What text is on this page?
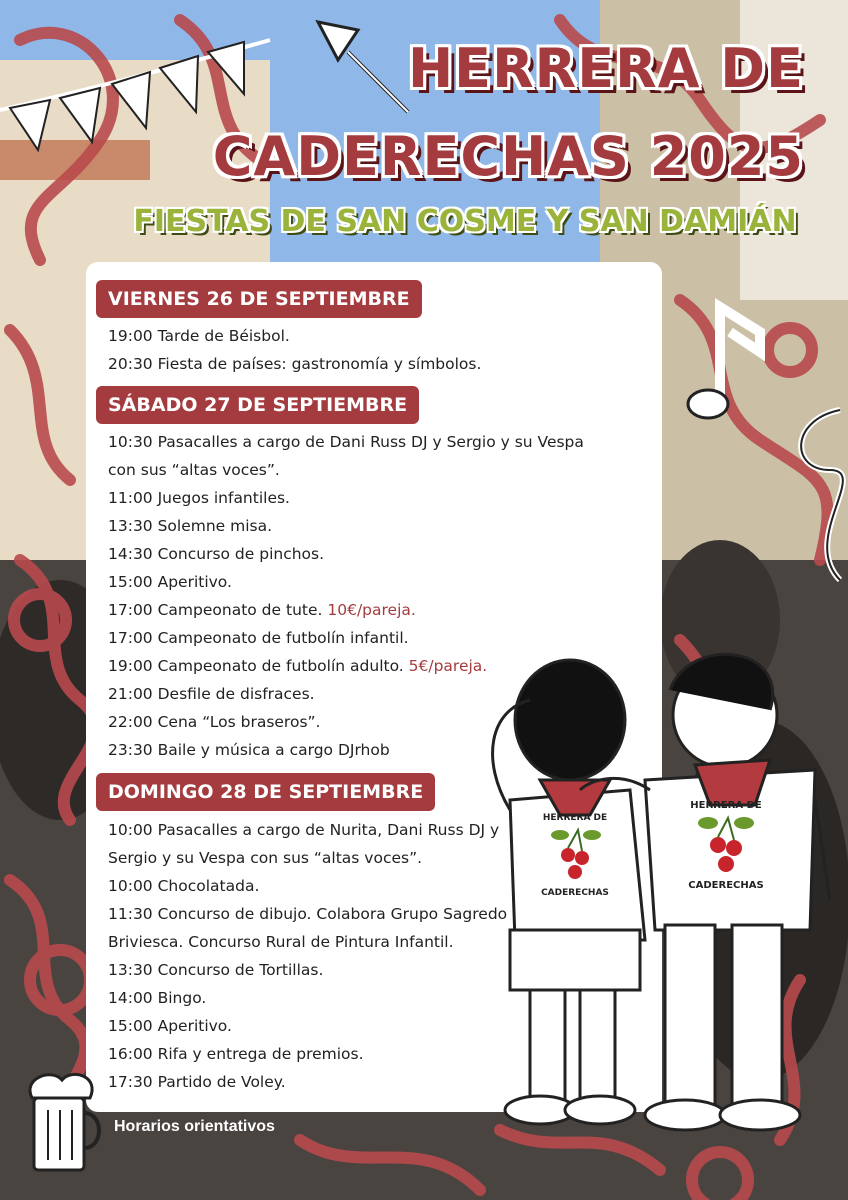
HERRERA DE
CADERECHAS 2025
FIESTAS DE SAN COSME Y SAN DAMIÁN
VIERNES 26 DE SEPTIEMBRE
19:00 Tarde de Béisbol.
20:30 Fiesta de países: gastronomía y símbolos.
SÁBADO 27 DE SEPTIEMBRE
10:30 Pasacalles a cargo de Dani Russ DJ y Sergio y su Vespa
con sus “altas voces”.
11:00 Juegos infantiles.
13:30 Solemne misa.
14:30 Concurso de pinchos.
15:00 Aperitivo.
17:00 Campeonato de tute. 10€/pareja.
17:00 Campeonato de futbolín infantil.
19:00 Campeonato de futbolín adulto. 5€/pareja.
21:00 Desfile de disfraces.
22:00 Cena “Los braseros”.
23:30 Baile y música a cargo DJrhob
DOMINGO 28 DE SEPTIEMBRE
10:00 Pasacalles a cargo de Nurita, Dani Russ DJ y
Sergio y su Vespa con sus “altas voces”.
10:00 Chocolatada.
11:30 Concurso de dibujo. Colabora Grupo Sagredo
Briviesca. Concurso Rural de Pintura Infantil.
13:30 Concurso de Tortillas.
14:00 Bingo.
15:00 Aperitivo.
16:00 Rifa y entrega de premios.
17:30 Partido de Voley.
HERRERA DE
CADERECHAS
HERRERA DE
CADERECHAS
Horarios orientativos
